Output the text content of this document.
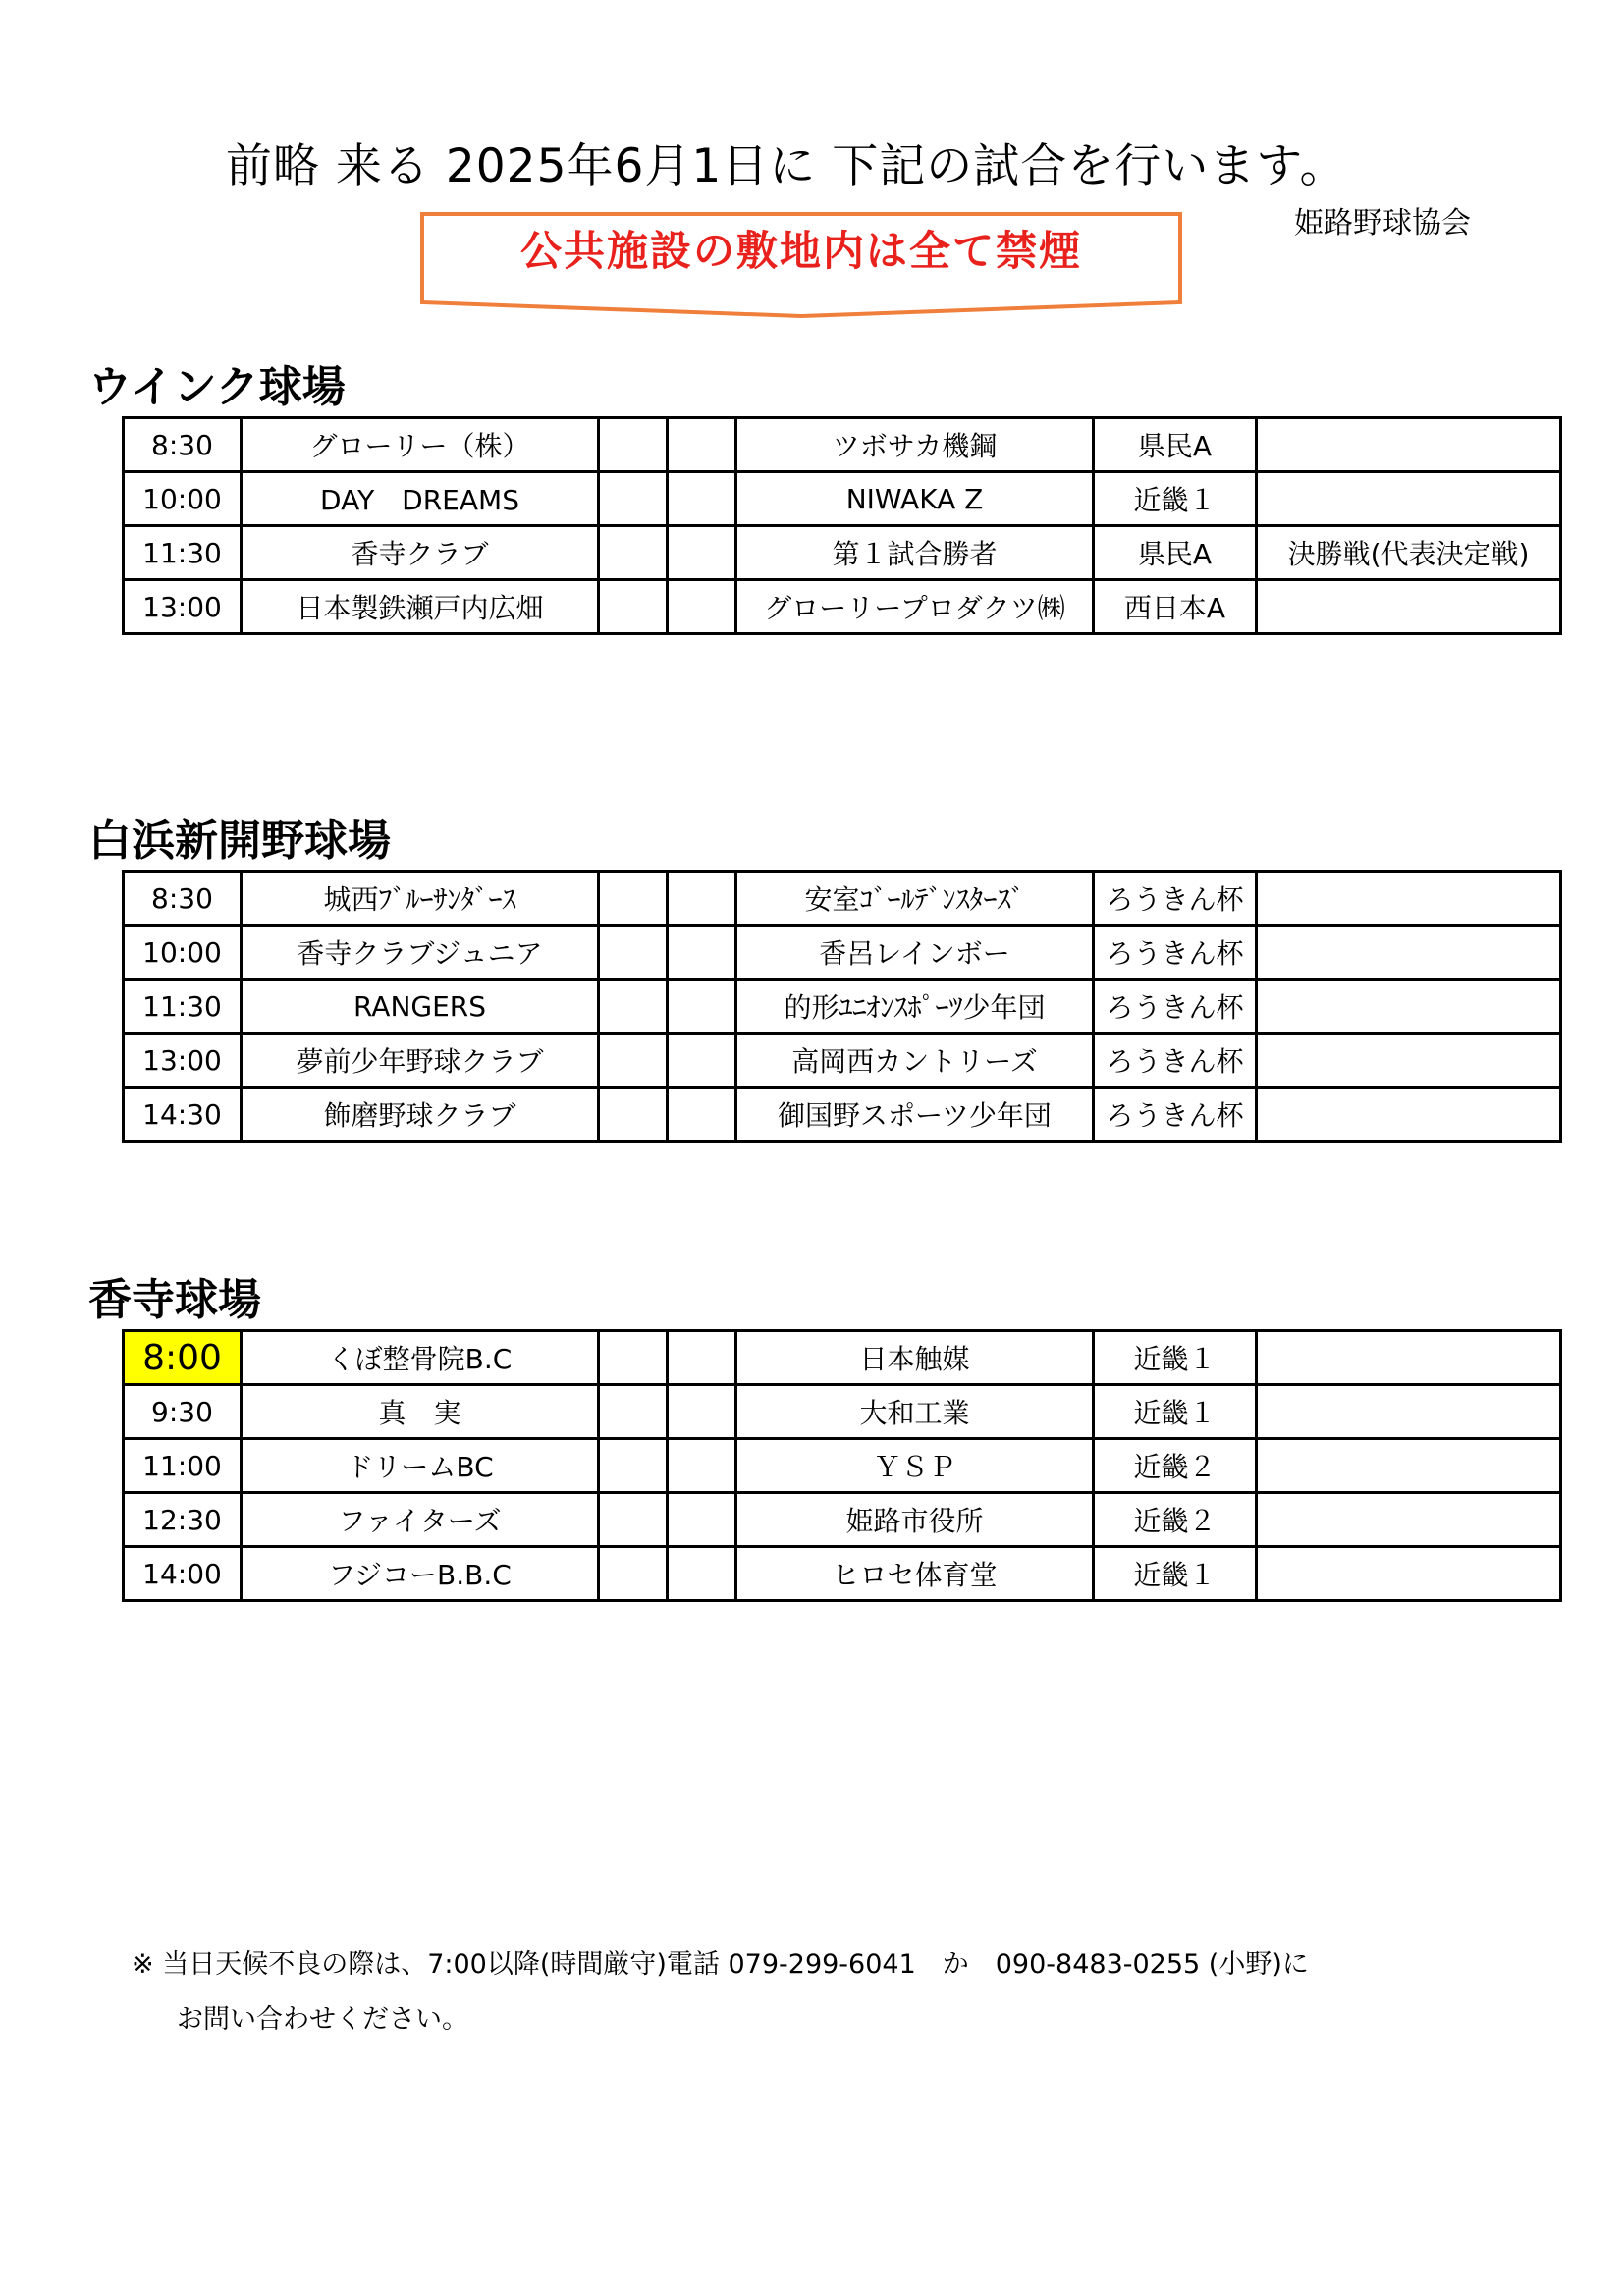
前略 来る 2025年6月1日に 下記の試合を行います。
姫路野球協会
公共施設の敷地内は全て禁煙
ウインク球場
8:30	グローリー（株）			ツボサカ機鋼	県民A	
10:00	DAY　DREAMS			NIWAKA Z	近畿１	
11:30	香寺クラブ			第１試合勝者	県民A	決勝戦(代表決定戦)
13:00	日本製鉄瀬戸内広畑			グローリープロダクツ㈱	西日本A	
白浜新開野球場
8:30	城西ﾌﾞﾙｰｻﾝﾀﾞｰｽ			安室ｺﾞｰﾙﾃﾞﾝｽﾀｰｽﾞ	ろうきん杯	
10:00	香寺クラブジュニア			香呂レインボー	ろうきん杯	
11:30	RANGERS			的形ﾕﾆｵﾝｽﾎﾟｰﾂ少年団	ろうきん杯	
13:00	夢前少年野球クラブ			高岡西カントリーズ	ろうきん杯	
14:30	飾磨野球クラブ			御国野スポーツ少年団	ろうきん杯	
香寺球場
8:00	くぼ整骨院B.C			日本触媒	近畿１	
9:30	真　実			大和工業	近畿１	
11:00	ドリームBC			ＹＳＰ	近畿２	
12:30	ファイターズ			姫路市役所	近畿２	
14:00	フジコーB.B.C			ヒロセ体育堂	近畿１	
※ 当日天候不良の際は、7:00以降(時間厳守)電話 079-299-6041　か　090-8483-0255 (小野)に
お問い合わせください。
